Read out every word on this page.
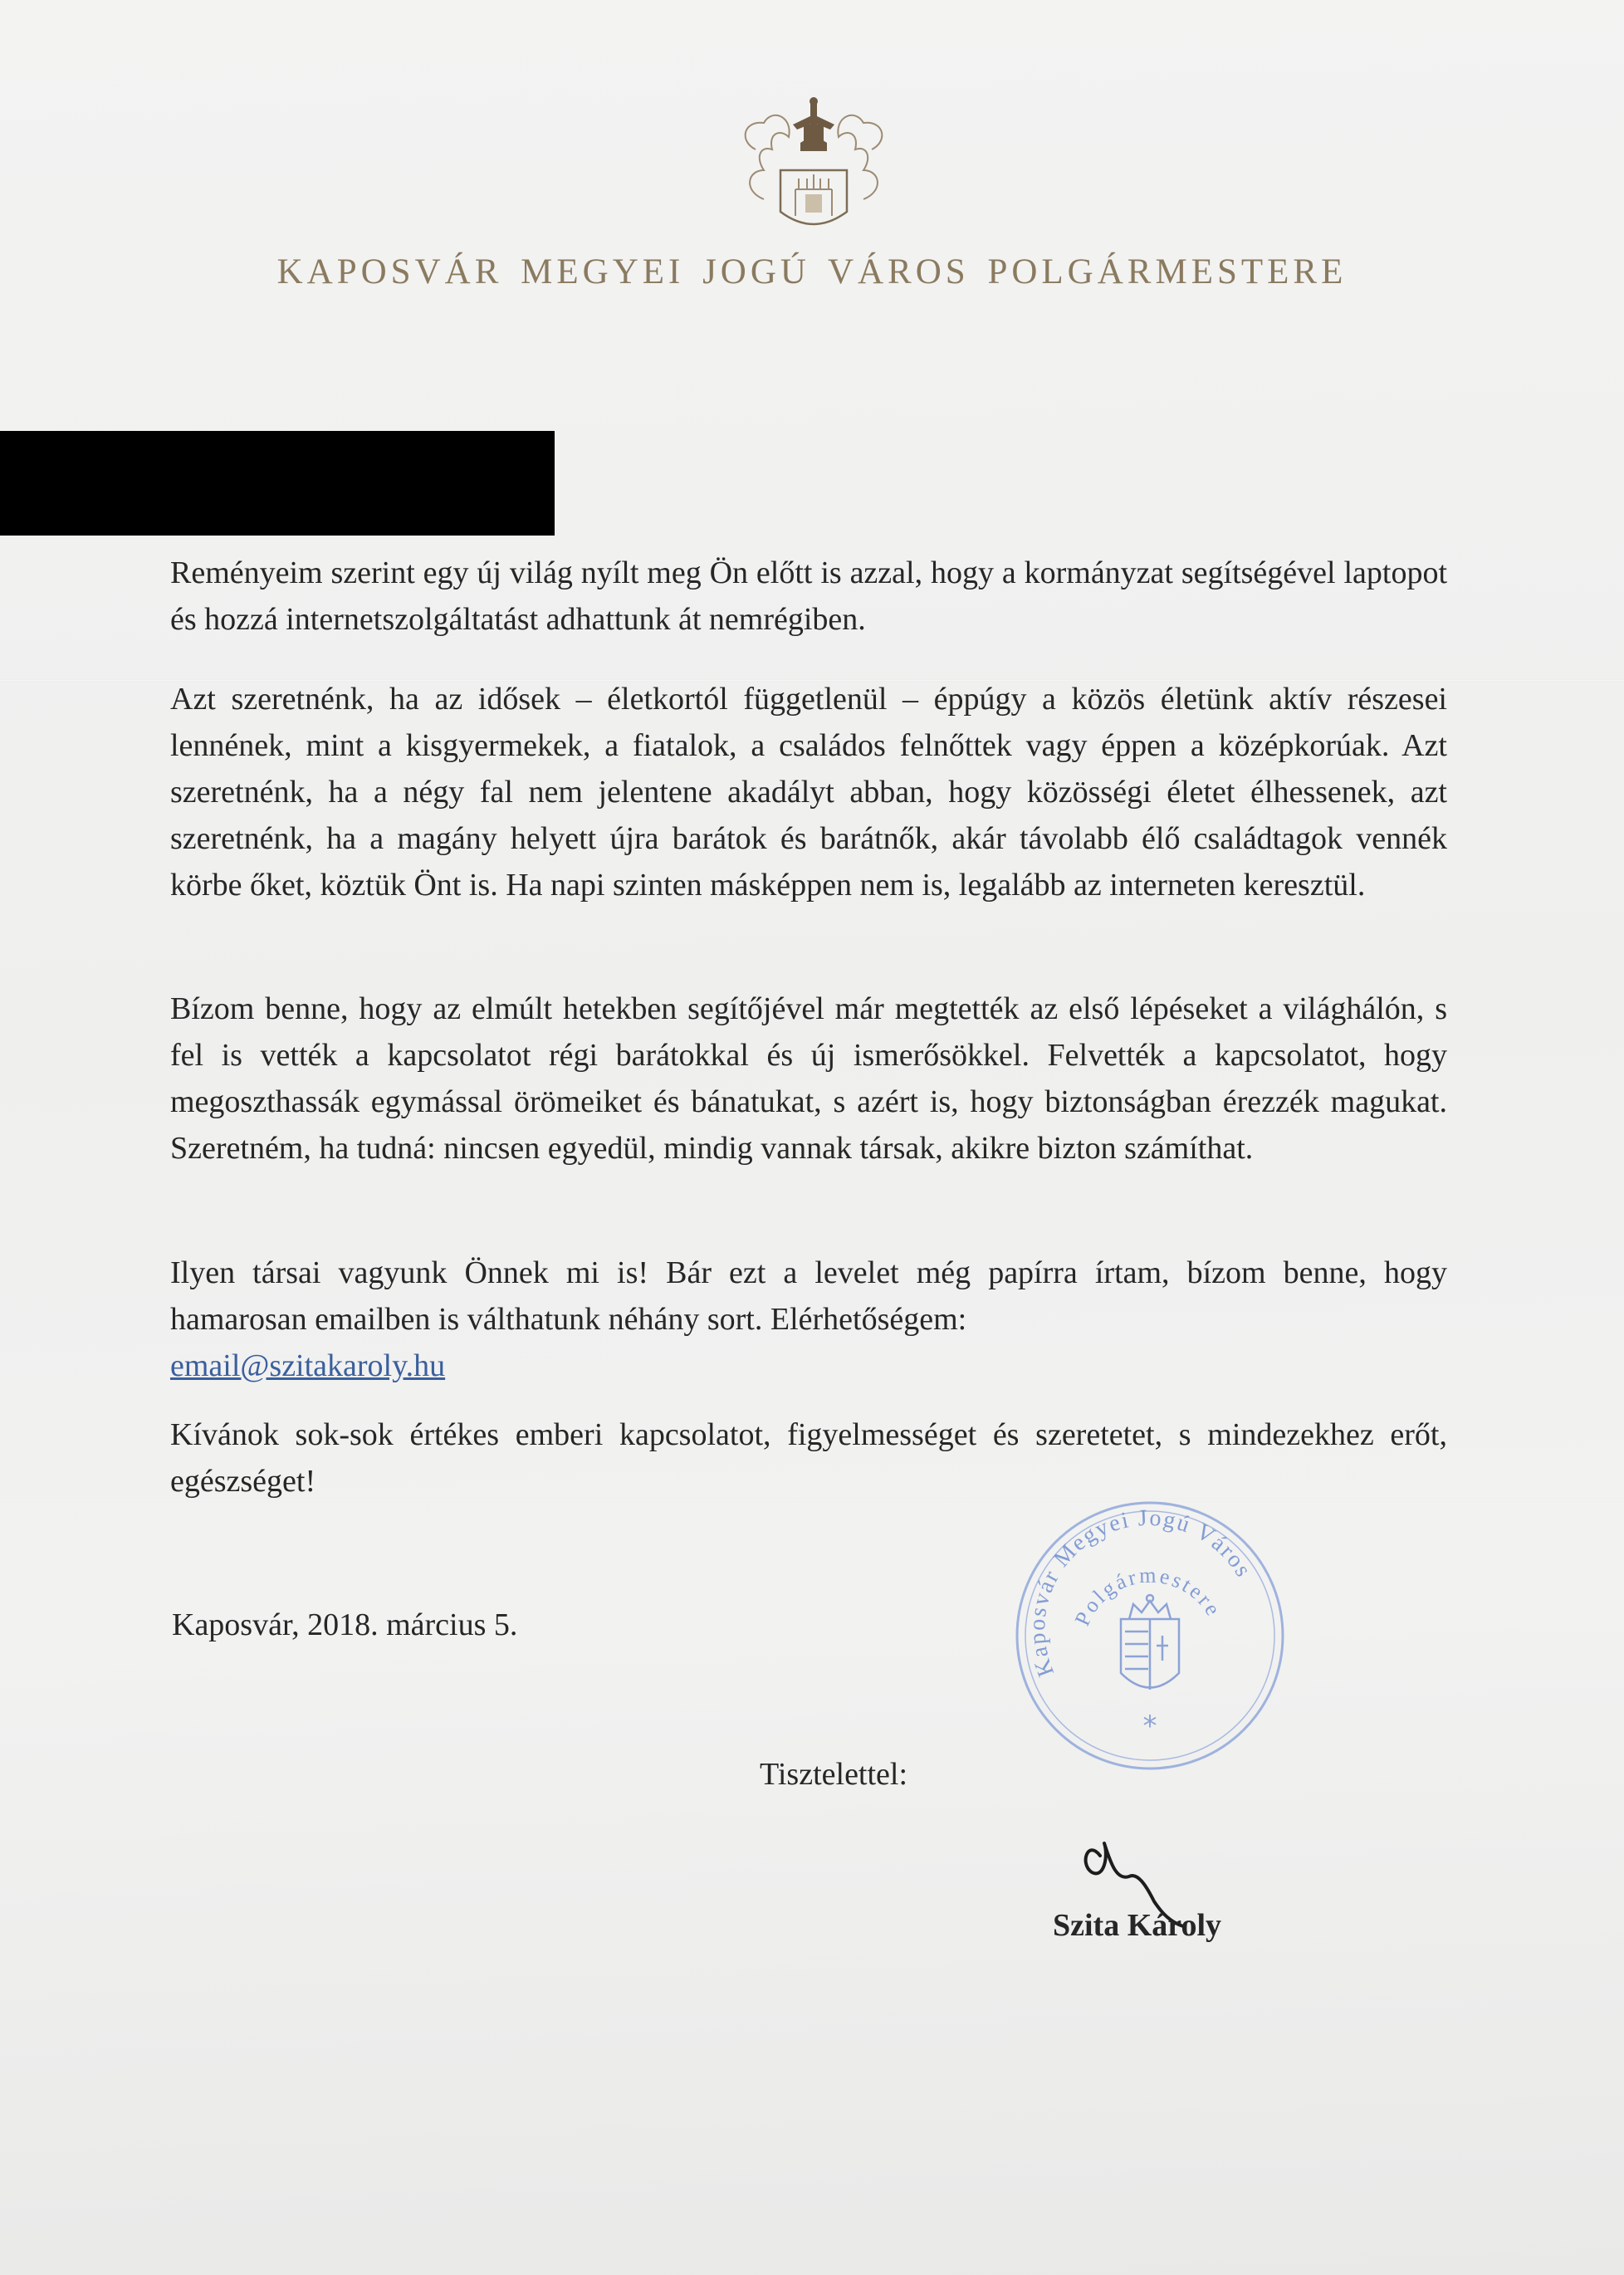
KAPOSVÁR MEGYEI JOGÚ VÁROS POLGÁRMESTERE
Reményeim szerint egy új világ nyílt meg Ön előtt is azzal, hogy a kormányzat segítségével laptopot és hozzá internetszolgáltatást adhattunk át nemrégiben.
Azt szeretnénk, ha az idősek – életkortól függetlenül – éppúgy a közös életünk aktív részesei lennének, mint a kisgyermekek, a fiatalok, a családos felnőttek vagy éppen a középkorúak. Azt szeretnénk, ha a négy fal nem jelentene akadályt abban, hogy közösségi életet élhessenek, azt szeretnénk, ha a magány helyett újra barátok és barátnők, akár távolabb élő családtagok vennék körbe őket, köztük Önt is. Ha napi szinten másképpen nem is, legalább az interneten keresztül.
Bízom benne, hogy az elmúlt hetekben segítőjével már megtették az első lépéseket a világhálón, s fel is vették a kapcsolatot régi barátokkal és új ismerősökkel. Felvették a kapcsolatot, hogy megoszthassák egymással örömeiket és bánatukat, s azért is, hogy biztonságban érezzék magukat. Szeretném, ha tudná: nincsen egyedül, mindig vannak társak, akikre bizton számíthat.
Ilyen társai vagyunk Önnek mi is! Bár ezt a levelet még papírra írtam, bízom benne, hogy hamarosan emailben is válthatunk néhány sort. Elérhetőségem:
email@szitakaroly.hu
Kívánok sok-sok értékes emberi kapcsolatot, figyelmességet és szeretetet, s mindezekhez erőt, egészséget!
Kaposvár, 2018. március 5.
Kaposvár Megyei Jogú Város
Polgármestere
*
Tisztelettel:
Szita Károly
